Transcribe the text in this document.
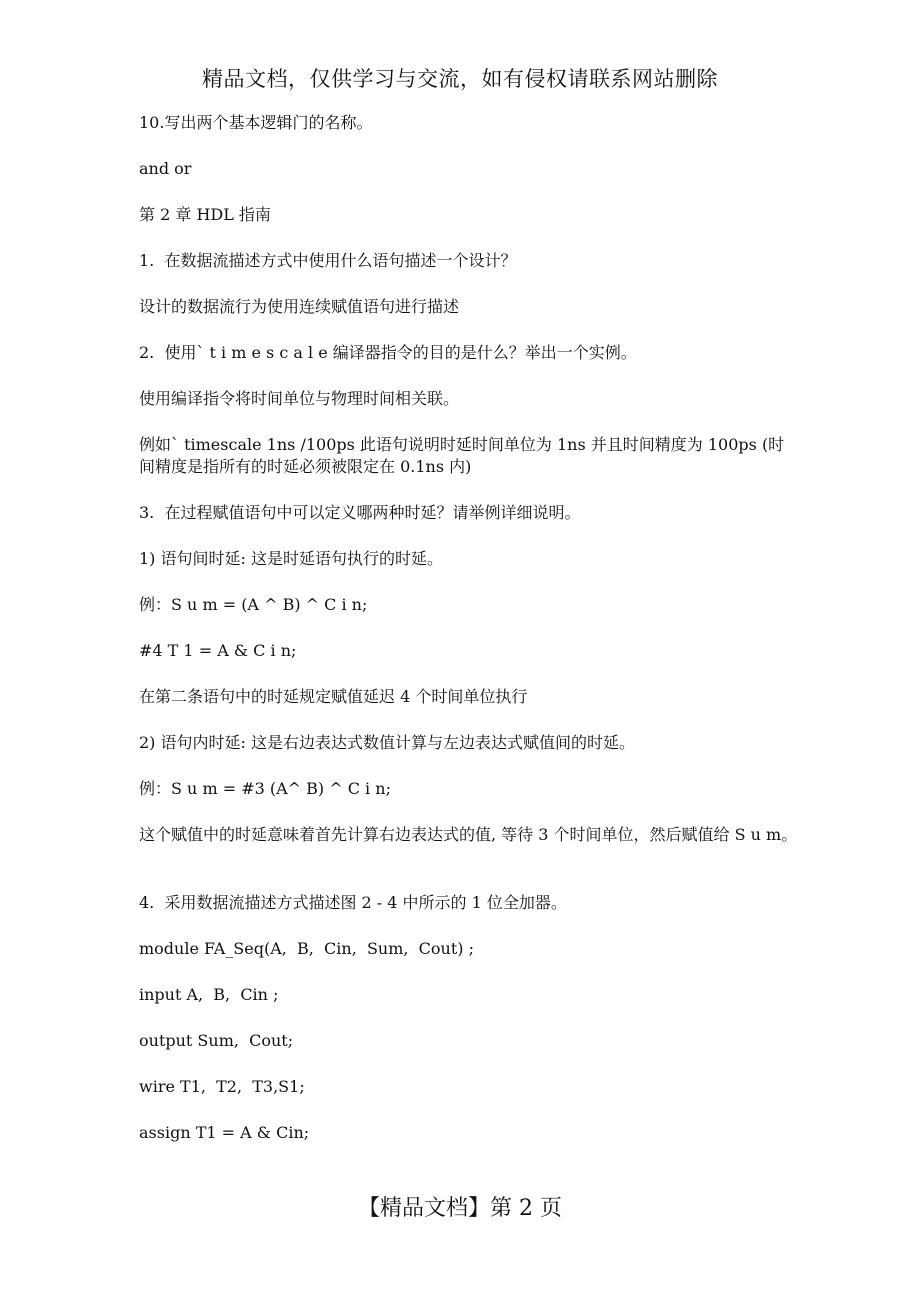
精品文档，仅供学习与交流，如有侵权请联系网站删除
10.写出两个基本逻辑门的名称。
and or
第 2 章 HDL 指南
1.  在数据流描述方式中使用什么语句描述一个设计？
设计的数据流行为使用连续赋值语句进行描述
2.  使用` t i m e s c a l e 编译器指令的目的是什么？举出一个实例。
使用编译指令将时间单位与物理时间相关联。
例如` timescale 1ns /100ps 此语句说明时延时间单位为 1ns 并且时间精度为 100ps (时间精度是指所有的时延必须被限定在 0.1ns 内)
3.  在过程赋值语句中可以定义哪两种时延？请举例详细说明。
1) 语句间时延: 这是时延语句执行的时延。
例：S u m = (A ^ B) ^ C i n;
#4 T 1 = A & C i n;
在第二条语句中的时延规定赋值延迟 4 个时间单位执行
2) 语句内时延: 这是右边表达式数值计算与左边表达式赋值间的时延。
例：S u m = #3 (A^ B) ^ C i n;
这个赋值中的时延意味着首先计算右边表达式的值, 等待 3 个时间单位，然后赋值给 S u m。
4.  采用数据流描述方式描述图 2 - 4 中所示的 1 位全加器。
module FA_Seq(A,  B,  Cin,  Sum,  Cout) ;
input A,  B,  Cin ;
output Sum,  Cout;
wire T1,  T2,  T3,S1;
assign T1 = A & Cin;
【精品文档】第 2 页
